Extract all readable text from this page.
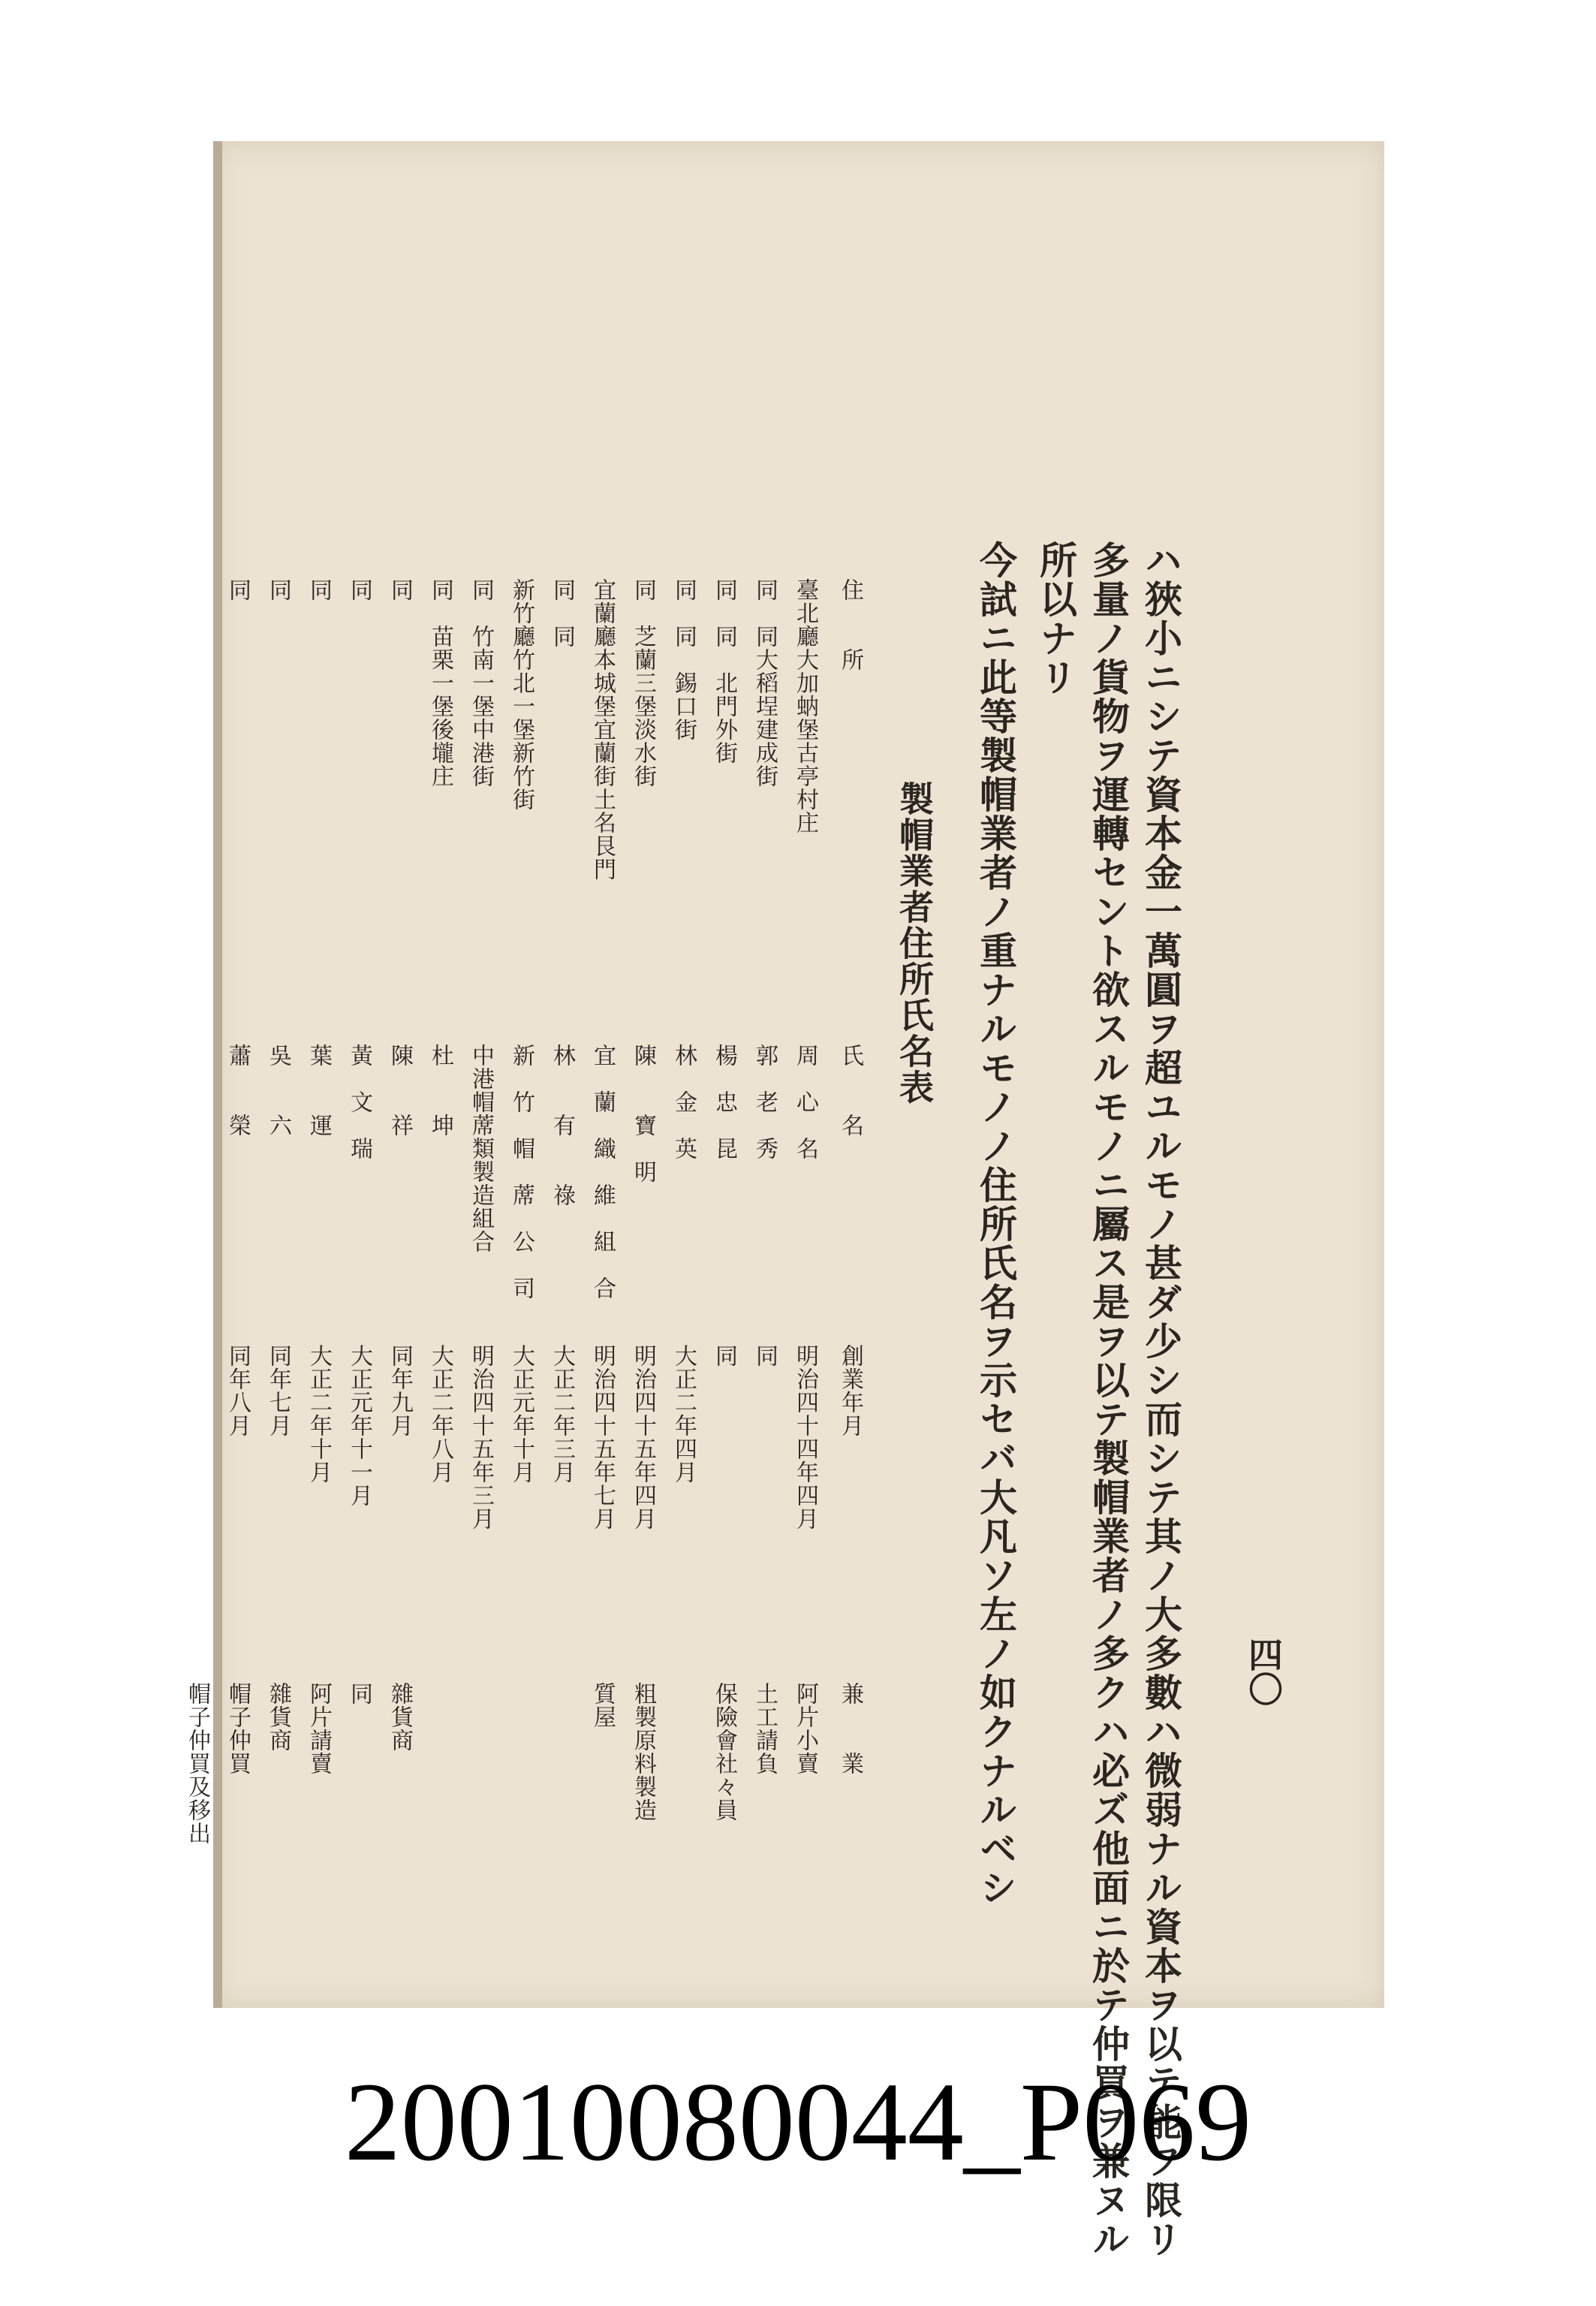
四〇
ハ狹小ニシテ資本金一萬圓ヲ超ユルモノ甚ダ少シ而シテ其ノ大多數ハ微弱ナル資本ヲ以テ能フ限リ
多量ノ貨物ヲ運轉セント欲スルモノニ屬ス是ヲ以テ製帽業者ノ多クハ必ズ他面ニ於テ仲買ヲ兼ヌル
所以ナリ
今試ニ此等製帽業者ノ重ナルモノノ住所氏名ヲ示セバ大凡ソ左ノ如クナルベシ
製帽業者住所氏名表
住　　所
氏　　名
創業年月
兼　　業
臺北廳大加蚋堡古亭村庄
周　心　名
明治四十四年四月
阿片小賣
同　同大稻埕建成街
郭　老　秀
同
土工請負
同　同　北門外街
楊　忠　昆
同
保險會社々員
同　同　錫口街
林　金　英
大正二年四月
同　芝蘭三堡淡水街
陳　　寶　明
明治四十五年四月
粗製原料製造
宜蘭廳本城堡宜蘭街土名艮門
宜　蘭　織　維　組　合
明治四十五年七月
質屋
同　同
林　　有　　祿
大正二年三月
新竹廳竹北一堡新竹街
新　竹　帽　蓆　公　司
大正元年十月
同　竹南一堡中港街
中港帽蓆類製造組合
明治四十五年三月
同　苗栗一堡後壠庄
杜　　坤
大正二年八月
同
陳　　祥
同年九月
雜貨商
同
黃　文　瑞
大正元年十一月
同
同
葉　　運
大正二年十月
阿片請賣
同
吳　　六
同年七月
雜貨商
同
蕭　　榮
同年八月
帽子仲買
帽子仲買及移出
20010080044_P069
